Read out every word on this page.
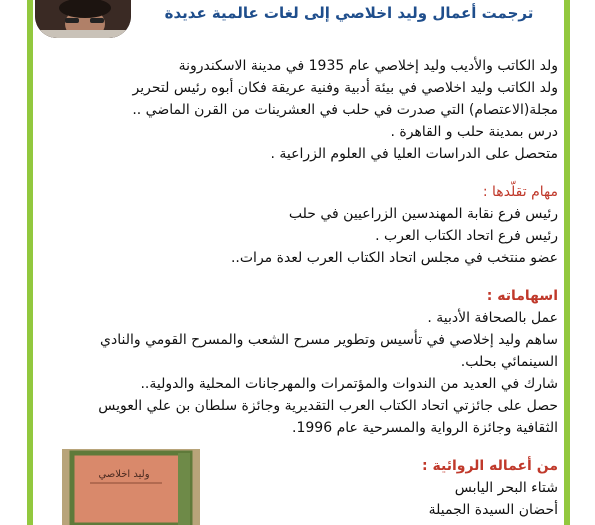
ترجمت أعمال وليد اخلاصي إلى لغات عالمية عديدة

ولد الكاتب والأديب وليد إخلاصي عام 1935 في مدينة الاسكندرونة

ولد الكاتب وليد اخلاصي في بيئة أدبية وفنية عريقة فكان أبوه رئيس لتحرير

مجلة(الاعتصام) التي صدرت في حلب في العشرينات من القرن الماضي ..

درس بمدينة حلب و القاهرة .

متحصل على الدراسات العليا في العلوم الزراعية .

مهام تقلّدها :

رئيس فرع نقابة المهندسين الزراعيين في حلب

رئيس فرع اتحاد الكتاب العرب .

عضو منتخب في مجلس اتحاد الكتاب العرب لعدة مرات..

اسهاماته :

عمل بالصحافة الأدبية .

ساهم وليد إخلاصي في تأسيس وتطوير مسرح الشعب والمسرح القومي والنادي

السينمائي بحلب.

شارك في العديد من الندوات والمؤتمرات والمهرجانات المحلية والدولية..

حصل على جائزتي اتحاد الكتاب العرب التقديرية وجائزة سلطان بن علي العويس

الثقافية وجائزة الرواية والمسرحية عام 1996.

من أعماله الروائية :

شتاء البحر اليابس

أحضان السيدة الجميلة

وليد اخلاصي
